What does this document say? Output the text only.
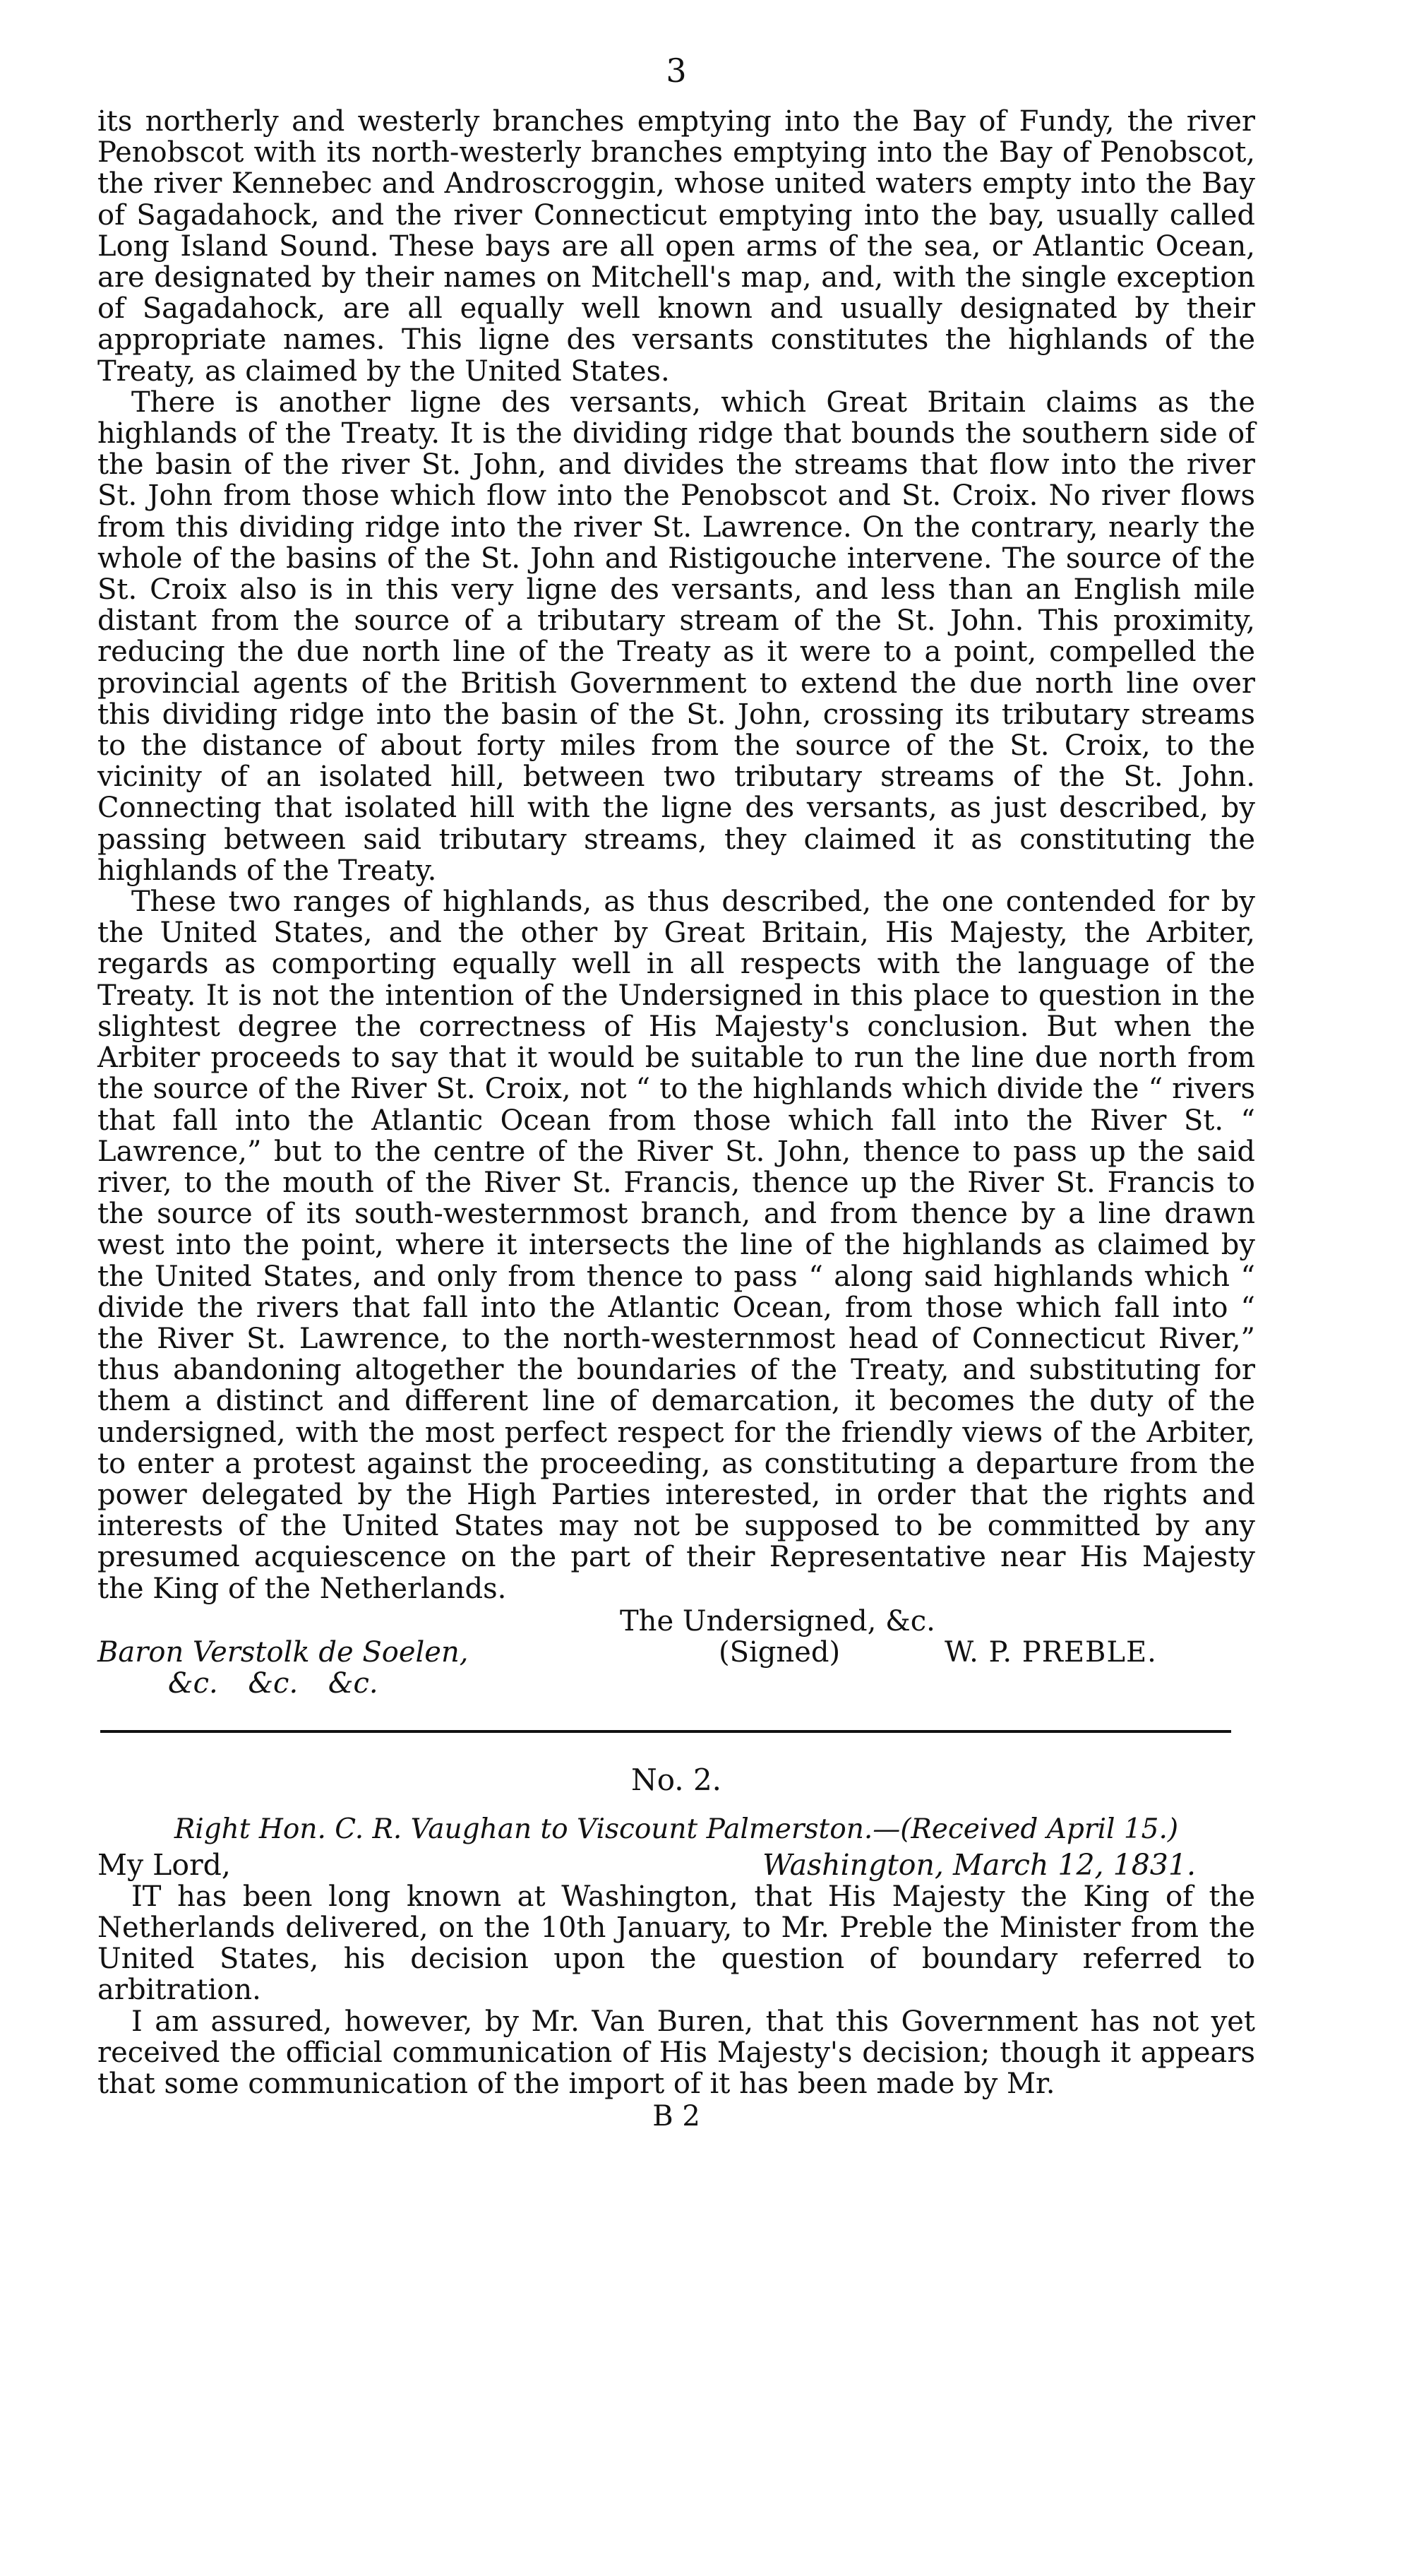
3

its northerly and westerly branches emptying into the Bay of Fundy, the river Penobscot with its north-westerly branches emptying into the Bay of Penobscot, the river Kennebec and Androscroggin, whose united waters empty into the Bay of Sagadahock, and the river Connecticut emptying into the bay, usually called Long Island Sound. These bays are all open arms of the sea, or Atlantic Ocean, are designated by their names on Mitchell's map, and, with the single exception of Sagadahock, are all equally well known and usually designated by their appropriate names. This ligne des versants constitutes the highlands of the Treaty, as claimed by the United States.

There is another ligne des versants, which Great Britain claims as the highlands of the Treaty. It is the dividing ridge that bounds the southern side of the basin of the river St. John, and divides the streams that flow into the river St. John from those which flow into the Penobscot and St. Croix. No river flows from this dividing ridge into the river St. Lawrence. On the contrary, nearly the whole of the basins of the St. John and Ristigouche intervene. The source of the St. Croix also is in this very ligne des versants, and less than an English mile distant from the source of a tributary stream of the St. John. This proximity, reducing the due north line of the Treaty as it were to a point, compelled the provincial agents of the British Government to extend the due north line over this dividing ridge into the basin of the St. John, crossing its tributary streams to the distance of about forty miles from the source of the St. Croix, to the vicinity of an isolated hill, between two tributary streams of the St. John. Connecting that isolated hill with the ligne des versants, as just described, by passing between said tributary streams, they claimed it as constituting the highlands of the Treaty.

These two ranges of highlands, as thus described, the one contended for by the United States, and the other by Great Britain, His Majesty, the Arbiter, regards as comporting equally well in all respects with the language of the Treaty. It is not the intention of the Undersigned in this place to question in the slightest degree the correctness of His Majesty's conclusion. But when the Arbiter proceeds to say that it would be suitable to run the line due north from the source of the River St. Croix, not “ to the highlands which divide the “ rivers that fall into the Atlantic Ocean from those which fall into the River St. “ Lawrence,” but to the centre of the River St. John, thence to pass up the said river, to the mouth of the River St. Francis, thence up the River St. Francis to the source of its south-westernmost branch, and from thence by a line drawn west into the point, where it intersects the line of the highlands as claimed by the United States, and only from thence to pass “ along said highlands which “ divide the rivers that fall into the Atlantic Ocean, from those which fall into “ the River St. Lawrence, to the north-westernmost head of Connecticut River,” thus abandoning altogether the boundaries of the Treaty, and substituting for them a distinct and different line of demarcation, it becomes the duty of the undersigned, with the most perfect respect for the friendly views of the Arbiter, to enter a protest against the proceeding, as constituting a departure from the power delegated by the High Parties interested, in order that the rights and interests of the United States may not be supposed to be committed by any presumed acquiescence on the part of their Representative near His Majesty the King of the Netherlands.

The Undersigned, &c.
Baron Verstolk de Soelen,	(Signed)	W. P. PREBLE.
&c. &c. &c.
No. 2.
Right Hon. C. R. Vaughan to Viscount Palmerston.—(Received April 15.)
My Lord,	Washington, March 12, 1831.

IT has been long known at Washington, that His Majesty the King of the Netherlands delivered, on the 10th January, to Mr. Preble the Minister from the United States, his decision upon the question of boundary referred to arbitration.

I am assured, however, by Mr. Van Buren, that this Government has not yet received the official communication of His Majesty's decision; though it appears that some communication of the import of it has been made by Mr.

B 2
